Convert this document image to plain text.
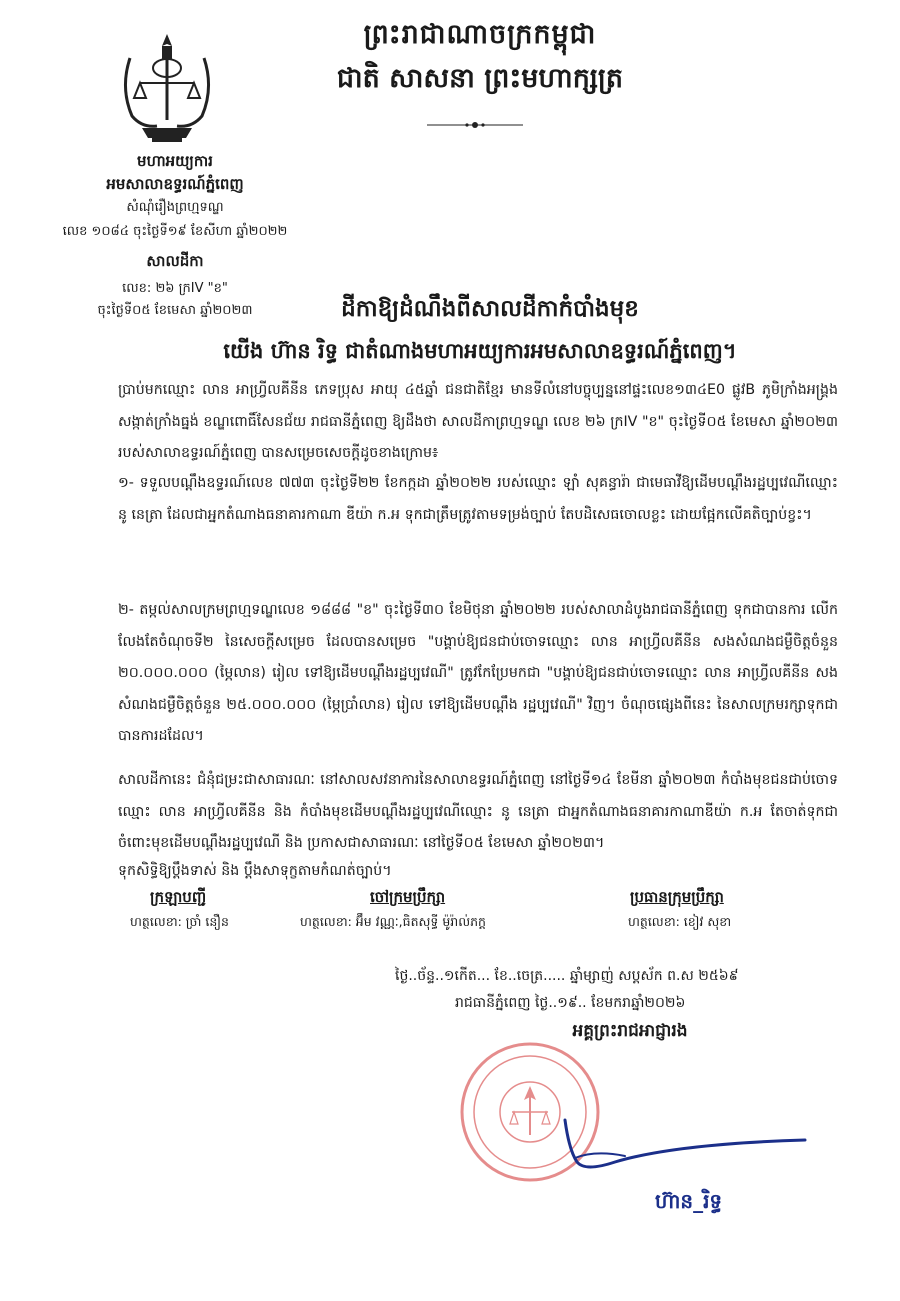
ព្រះរាជាណាចក្រកម្ពុជា
ជាតិ សាសនា ព្រះមហាក្សត្រ
មហាអយ្យការ
អមសាលាឧទ្ធរណ៍ភ្នំពេញ
សំណុំរឿងព្រហ្មទណ្ឌ
លេខ ១០៨៤ ចុះថ្ងៃទី១៩ ខែសីហា ឆ្នាំ២០២២
សាលដីកា
លេខ: ២៦ ក្រIV "ខ"
ចុះថ្ងៃទី០៥ ខែមេសា ឆ្នាំ២០២៣	ដីកាឱ្យដំណឹងពីសាលដីកាកំបាំងមុខ
យើង ហ៊ាន រិទ្ធ ជាតំណាងមហាអយ្យការអមសាលាឧទ្ធរណ៍ភ្នំពេញ។
ប្រាប់មកឈ្មោះ លាន អាហ្វ្រីលគីនីន ភេទប្រុស អាយុ ៤៥ឆ្នាំ ជនជាតិខ្មែរ មានទីលំនៅបច្ចុប្បន្ននៅផ្ទះលេខ១៣៤E0 ផ្លូវB ភូមិក្រាំងអង្គ្រង សង្កាត់ក្រាំងធ្នង់ ខណ្ឌពោធិ៍សែនជ័យ រាជធានីភ្នំពេញ ឱ្យដឹងថា សាលដីកាព្រហ្មទណ្ឌ លេខ ២៦ ក្រIV "ខ" ចុះថ្ងៃទី០៥ ខែមេសា ឆ្នាំ២០២៣ របស់សាលាឧទ្ធរណ៍ភ្នំពេញ បានសម្រេចសេចក្តីដូចខាងក្រោម៖
១- ទទួលបណ្តឹងឧទ្ធរណ៍លេខ ៧៧៣ ចុះថ្ងៃទី២២ ខែកក្កដា ឆ្នាំ២០២២ របស់ឈ្មោះ ឡាំ សុគន្ធារ៉ា ជាមេធាវីឱ្យដើមបណ្តឹងរដ្ឋប្បវេណីឈ្មោះ នូ នេត្រា ដែលជាអ្នកតំណាងធនាគារកាណា ឌីយ៉ា ក.អ ទុកជាត្រឹមត្រូវតាមទម្រង់ច្បាប់ តែបដិសេធចោលខ្លះ ដោយផ្អែកលើគតិច្បាប់ខ្វះ។
២- តម្កល់សាលក្រមព្រហ្មទណ្ឌលេខ ១៨៨៨ "ខ" ចុះថ្ងៃទី៣០ ខែមិថុនា ឆ្នាំ២០២២ របស់សាលាដំបូងរាជធានីភ្នំពេញ ទុកជាបានការ លើកលែងតែចំណុចទី២ នៃសេចក្តីសម្រេច ដែលបានសម្រេច "បង្គាប់ឱ្យជនជាប់ចោទឈ្មោះ លាន អាហ្វ្រីលគីនីន សងសំណងជម្ងឺចិត្តចំនួន ២០.០០០.០០០ (ម្ភៃលាន) រៀល ទៅឱ្យដើមបណ្តឹងរដ្ឋប្បវេណី" ត្រូវកែប្រែមកជា "បង្គាប់ឱ្យជនជាប់ចោទឈ្មោះ លាន អាហ្វ្រីលគីនីន សងសំណងជម្ងឺចិត្តចំនួន ២៥.០០០.០០០ (ម្ភៃប្រាំលាន) រៀល ទៅឱ្យដើមបណ្តឹង រដ្ឋប្បវេណី" វិញ។ ចំណុចផ្សេងពីនេះ នៃសាលក្រមរក្សាទុកជាបានការដដែល។
សាលដីកានេះ ជំនុំជម្រះជាសាធារណៈ នៅសាលសវនាការនៃសាលាឧទ្ធរណ៍ភ្នំពេញ នៅថ្ងៃទី១៤ ខែមីនា ឆ្នាំ២០២៣ កំបាំងមុខជនជាប់ចោទឈ្មោះ លាន អាហ្វ្រីលគីនីន និង កំបាំងមុខដើមបណ្តឹងរដ្ឋប្បវេណីឈ្មោះ នូ នេត្រា ជាអ្នកតំណាងធនាគារកាណាឌីយ៉ា ក.អ តែចាត់ទុកជាចំពោះមុខដើមបណ្តឹងរដ្ឋប្បវេណី និង ប្រកាសជាសាធារណៈ នៅថ្ងៃទី០៥ ខែមេសា ឆ្នាំ២០២៣។
ទុកសិទ្ធិឱ្យប្តឹងទាស់ និង ប្តឹងសាទុក្ខតាមកំណត់ច្បាប់។
ក្រឡាបញ្ជី
ហត្ថលេខា: ច្រាំ នឿន
ចៅក្រមប្រឹក្សា
ហត្ថលេខា: អ៊ឹម វណ្ណៈ,ធិតសុទ្ធី ម៉ូរ៉ាល់ភក្ត
ប្រធានក្រុមប្រឹក្សា
ហត្ថលេខា: ខៀវ សុខា
ថ្ងៃ..ច័ន្ទ..១កើត... ខែ..ចេត្រ..... ឆ្នាំម្សាញ់ សប្តស័ក ព.ស ២៥៦៩
រាជធានីភ្នំពេញ ថ្ងៃ..១៩.. ខែមករាឆ្នាំ២០២៦
អគ្គព្រះរាជអាជ្ញារង
ហ៊ាន_រិទ្ធ
